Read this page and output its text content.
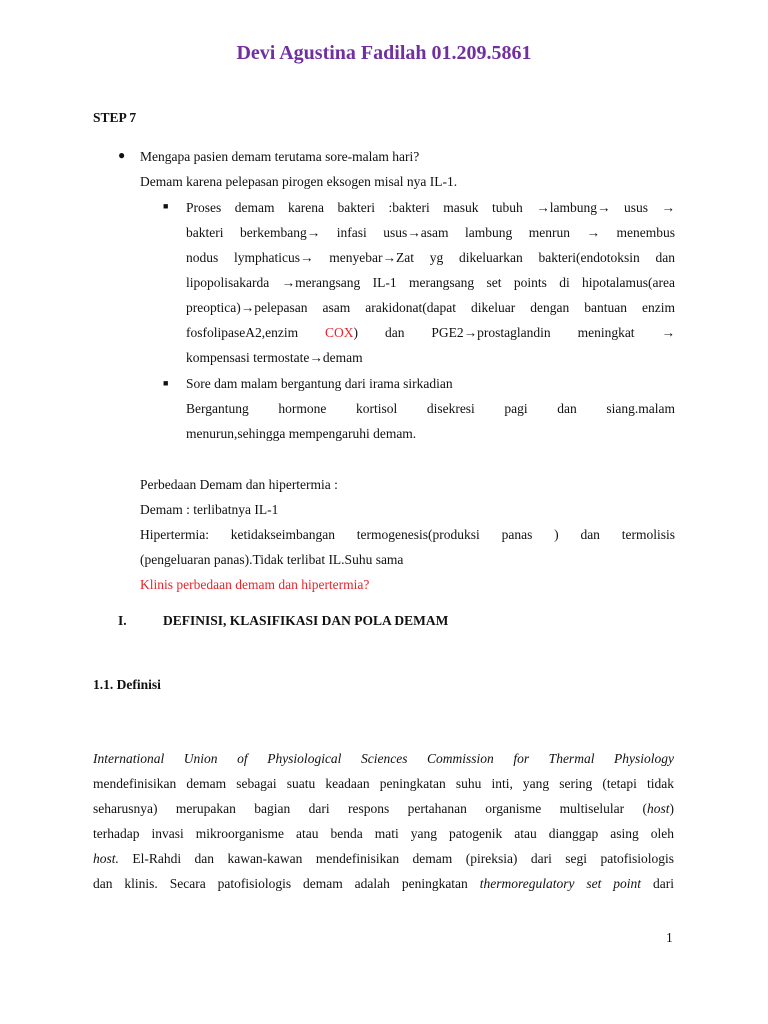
Devi Agustina Fadilah 01.209.5861
STEP 7
● Mengapa pasien demam terutama sore-malam hari?
Demam karena pelepasan pirogen eksogen misal nya IL-1.
■ Proses demam karena bakteri :bakteri masuk tubuh →lambung→ usus →
bakteri berkembang→ infasi usus→asam lambung menrun → menembus
nodus lymphaticus→ menyebar→Zat yg dikeluarkan bakteri(endotoksin dan
lipopolisakarda →merangsang IL-1 merangsang set points di hipotalamus(area
preoptica)→pelepasan asam arakidonat(dapat dikeluar dengan bantuan enzim
fosfolipaseA2,enzim COX) dan PGE2→prostaglandin meningkat →
kompensasi termostate→demam
■ Sore dam malam bergantung dari irama sirkadian
Bergantung hormone kortisol disekresi pagi dan siang.malam
menurun,sehingga mempengaruhi demam.
Perbedaan Demam dan hipertermia :
Demam : terlibatnya IL-1
Hipertermia: ketidakseimbangan termogenesis(produksi panas ) dan termolisis
(pengeluaran panas).Tidak terlibat IL.Suhu sama
Klinis perbedaan demam dan hipertermia?
I.	DEFINISI, KLASIFIKASI DAN POLA DEMAM
1.1. Definisi
International Union of Physiological Sciences Commission for Thermal Physiology
mendefinisikan demam sebagai suatu keadaan peningkatan suhu inti, yang sering (tetapi tidak
seharusnya) merupakan bagian dari respons pertahanan organisme multiselular (host)
terhadap invasi mikroorganisme atau benda mati yang patogenik atau dianggap asing oleh
host. El-Rahdi dan kawan-kawan mendefinisikan demam (pireksia) dari segi patofisiologis
dan klinis. Secara patofisiologis demam adalah peningkatan thermoregulatory set point dari
1
